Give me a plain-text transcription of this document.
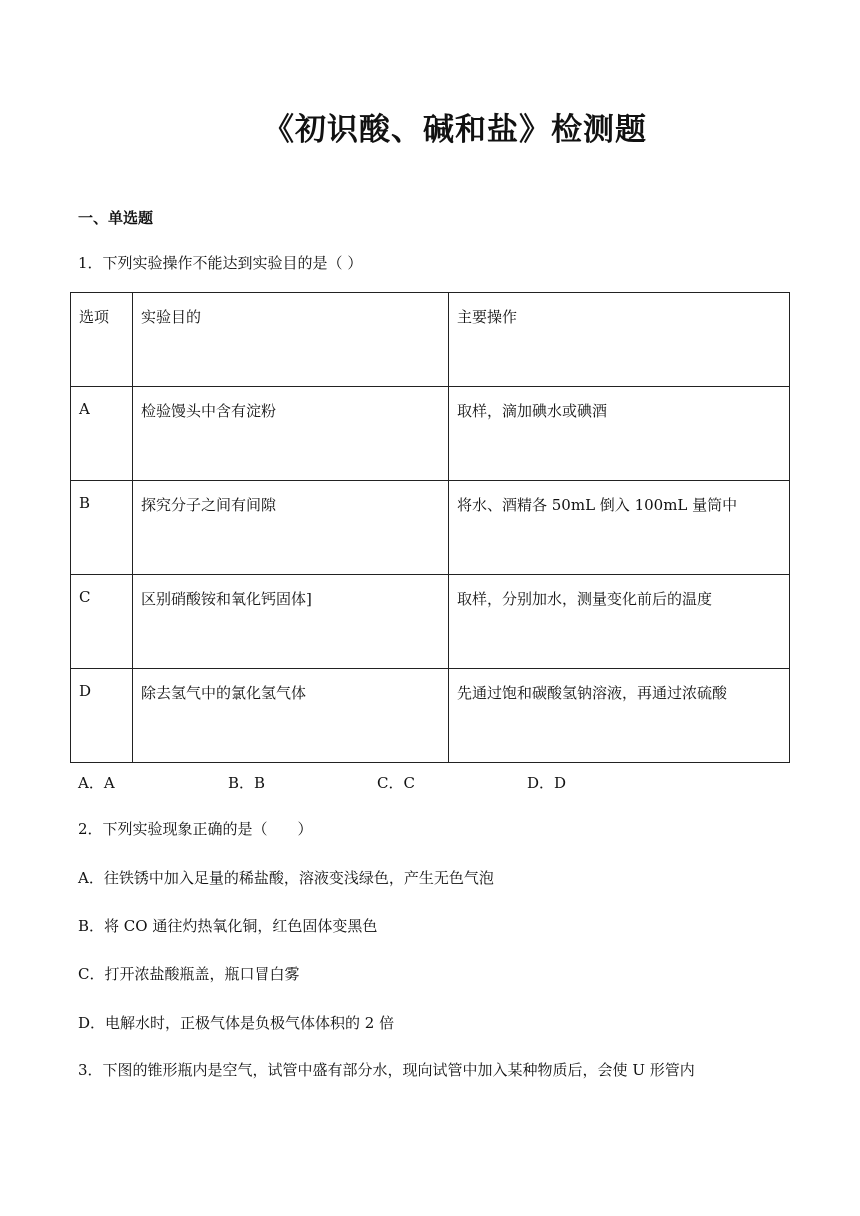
《初识酸、碱和盐》检测题
一、单选题
1．下列实验操作不能达到实验目的是（ ）
选项	实验目的	主要操作
A	检验馒头中含有淀粉	取样，滴加碘水或碘酒
B	探究分子之间有间隙	将水、酒精各 50mL 倒入 100mL 量筒中
C	区别硝酸铵和氧化钙固体]	取样，分别加水，测量变化前后的温度
D	除去氢气中的氯化氢气体	先通过饱和碳酸氢钠溶液，再通过浓硫酸
A．A	B．B	C．C	D．D
2．下列实验现象正确的是（　　）
A．往铁锈中加入足量的稀盐酸，溶液变浅绿色，产生无色气泡
B．将 CO 通往灼热氧化铜，红色固体变黑色
C．打开浓盐酸瓶盖，瓶口冒白雾
D．电解水时，正极气体是负极气体体积的 2 倍
3．下图的锥形瓶内是空气，试管中盛有部分水，现向试管中加入某种物质后，会使 U 形管内
